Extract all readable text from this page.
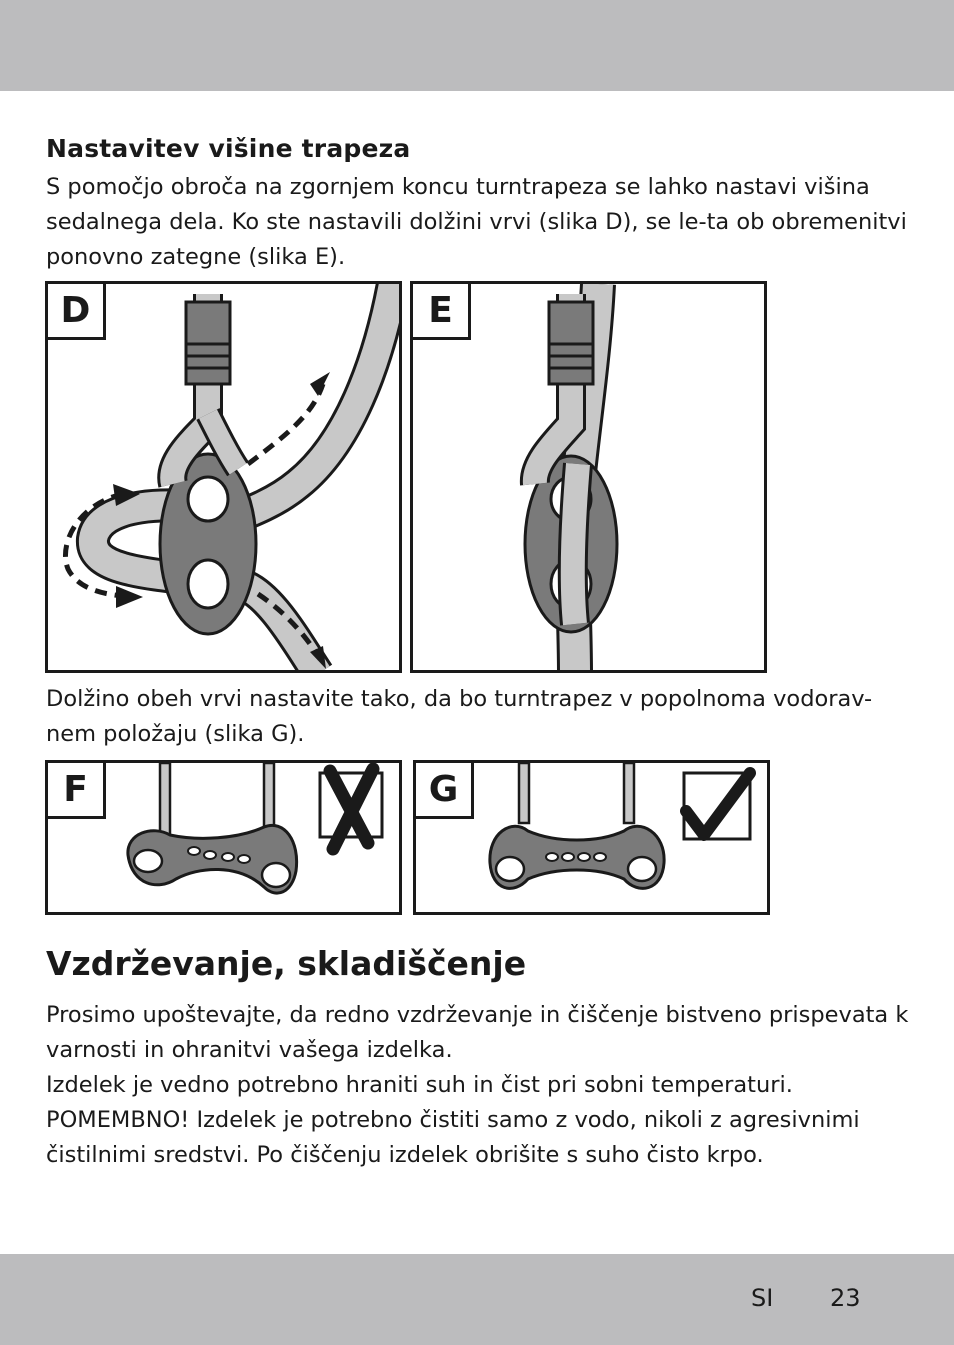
Nastavitev višine trapeza
S pomočjo obroča na zgornjem koncu turntrapeza se lahko nastavi višina
sedalnega dela. Ko ste nastavili dolžini vrvi (slika D), se le-ta ob obremenitvi
ponovno zategne (slika E).
D	E
Dolžino obeh vrvi nastavite tako, da bo turntrapez v popolnoma vodorav-
nem položaju (slika G).
F	G
Vzdrževanje, skladiščenje
Prosimo upoštevajte, da redno vzdrževanje in čiščenje bistveno prispevata k
varnosti in ohranitvi vašega izdelka.
Izdelek je vedno potrebno hraniti suh in čist pri sobni temperaturi.
POMEMBNO! Izdelek je potrebno čistiti samo z vodo, nikoli z agresivnimi
čistilnimi sredstvi. Po čiščenju izdelek obrišite s suho čisto krpo.
SI 23
